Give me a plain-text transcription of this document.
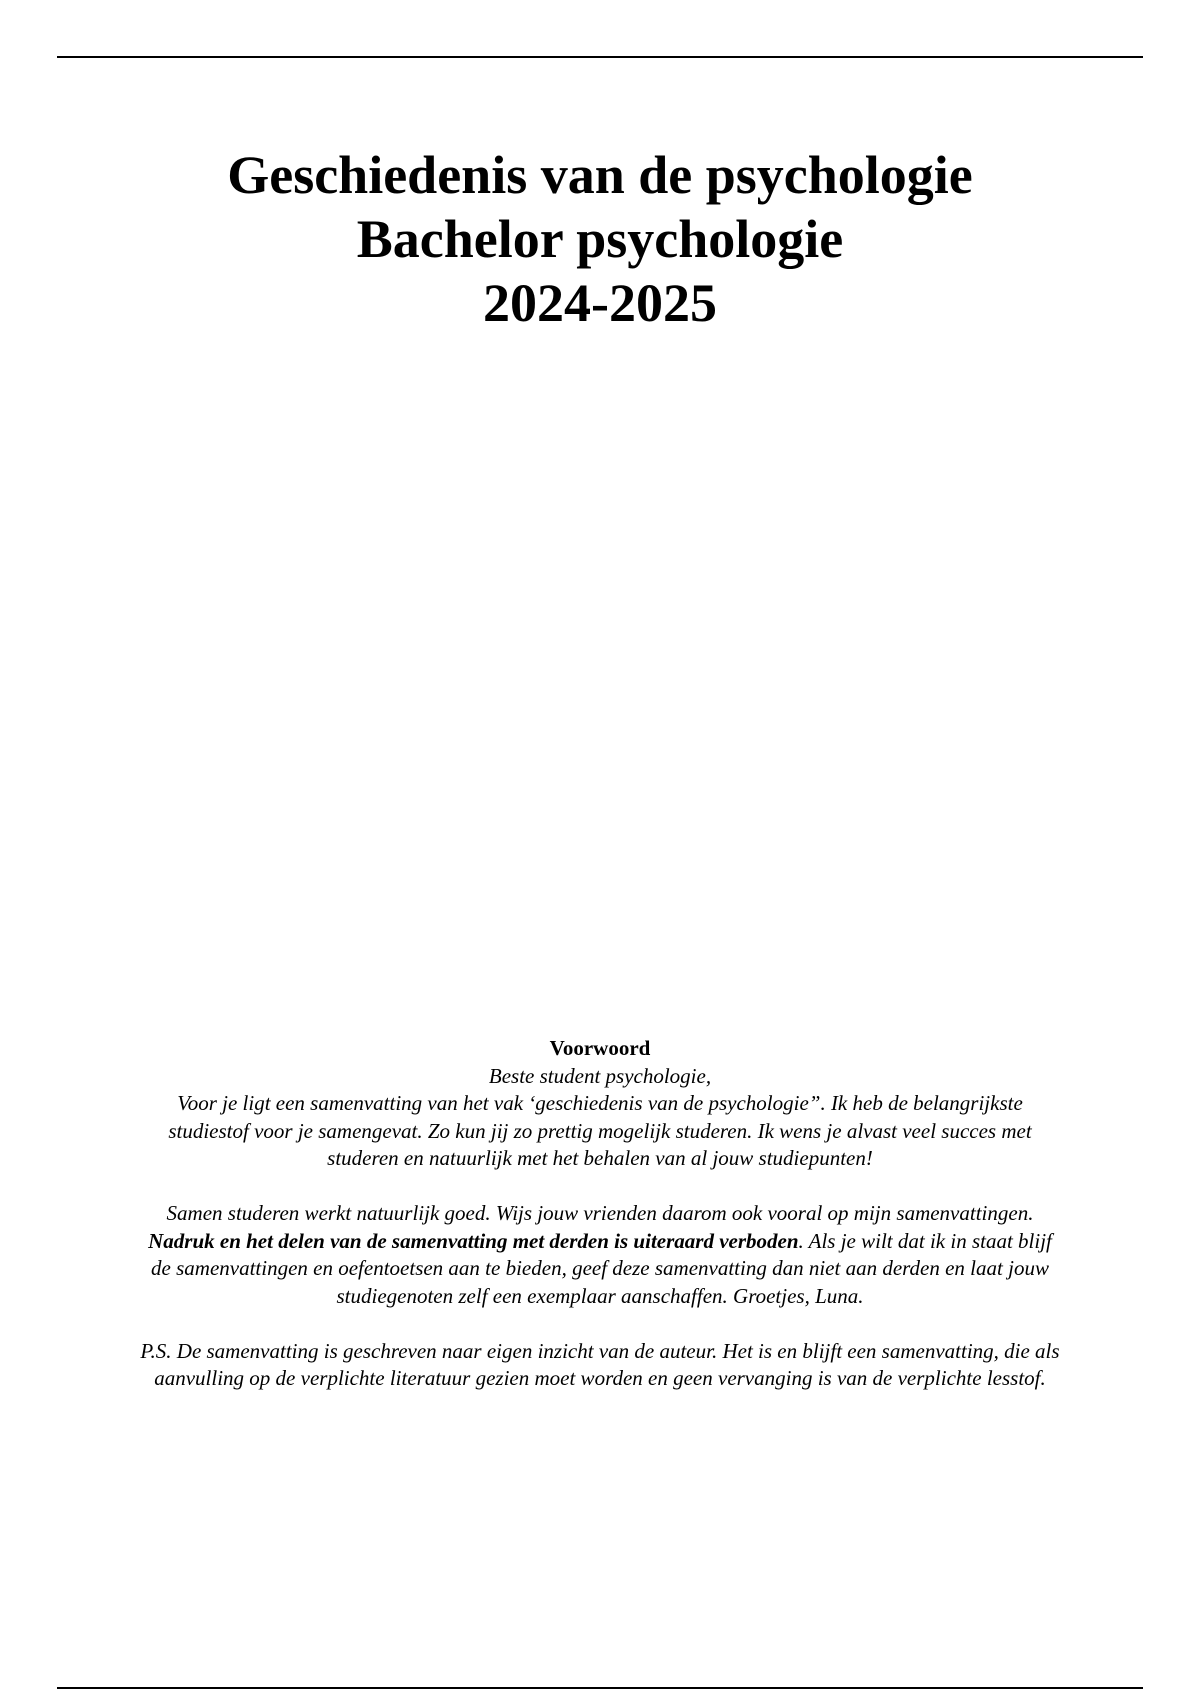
Geschiedenis van de psychologie
Bachelor psychologie
2024-2025
Voorwoord

Beste student psychologie,

Voor je ligt een samenvatting van het vak ‘geschiedenis van de psychologie”. Ik heb de belangrijkste studiestof voor je samengevat. Zo kun jij zo prettig mogelijk studeren. Ik wens je alvast veel succes met studeren en natuurlijk met het behalen van al jouw studiepunten!

Samen studeren werkt natuurlijk goed. Wijs jouw vrienden daarom ook vooral op mijn samenvattingen. Nadruk en het delen van de samenvatting met derden is uiteraard verboden. Als je wilt dat ik in staat blijf de samenvattingen en oefentoetsen aan te bieden, geef deze samenvatting dan niet aan derden en laat jouw studiegenoten zelf een exemplaar aanschaffen. Groetjes, Luna.

P.S. De samenvatting is geschreven naar eigen inzicht van de auteur. Het is en blijft een samenvatting, die als aanvulling op de verplichte literatuur gezien moet worden en geen vervanging is van de verplichte lesstof.
